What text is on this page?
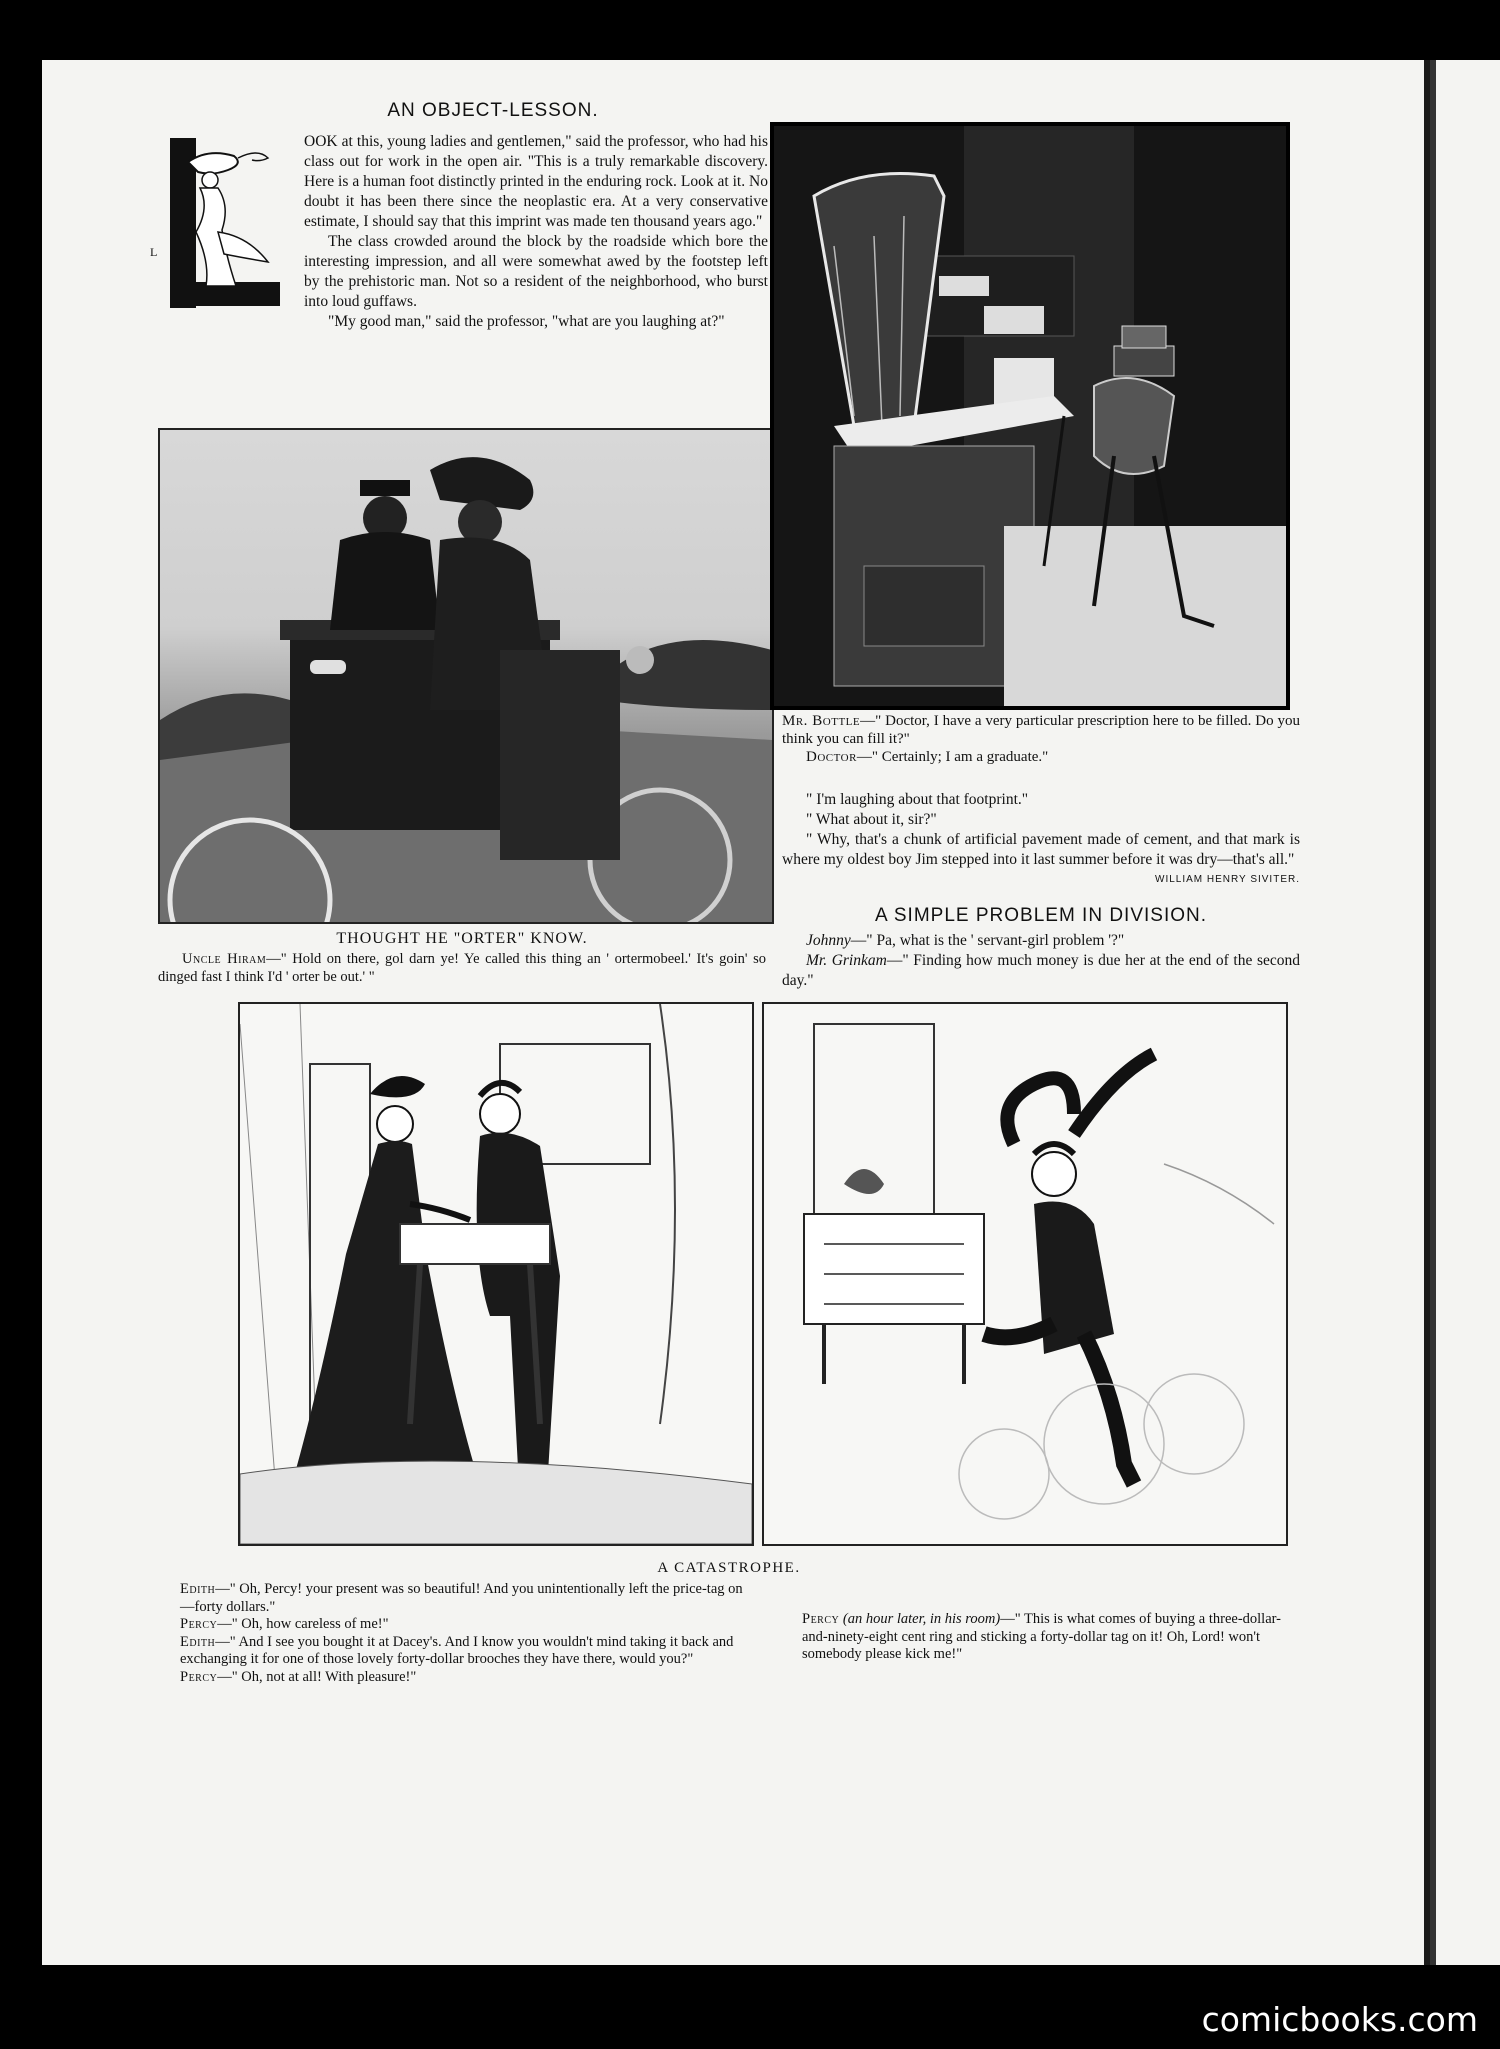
AN OBJECT-LESSON.
L

OOK at this, young ladies and gentlemen," said the professor, who had his class out for work in the open air. "This is a truly remarkable discovery. Here is a human foot distinctly printed in the enduring rock. Look at it. No doubt it has been there since the neoplastic era. At a very conservative estimate, I should say that this imprint was made ten thousand years ago."

The class crowded around the block by the roadside which bore the interesting impression, and all were somewhat awed by the footstep left by the prehistoric man. Not so a resident of the neighborhood, who burst into loud guffaws.

"My good man," said the professor, "what are you laughing at?"

Mr. Bottle—" Doctor, I have a very particular prescription here to be filled. Do you think you can fill it?"

Doctor—" Certainly; I am a graduate."

" I'm laughing about that footprint."

" What about it, sir?"

" Why, that's a chunk of artificial pavement made of cement, and that mark is where my oldest boy Jim stepped into it last summer before it was dry—that's all."

WILLIAM HENRY SIVITER.
A SIMPLE PROBLEM IN DIVISION.

Johnny—" Pa, what is the ' servant-girl problem '?"

Mr. Grinkam—" Finding how much money is due her at the end of the second day."

THOUGHT HE "ORTER" KNOW.

Uncle Hiram—" Hold on there, gol darn ye! Ye called this thing an ' ortermobeel.' It's goin' so dinged fast I think I'd ' orter be out.' "

A CATASTROPHE.

Edith—" Oh, Percy! your present was so beautiful! And you unintentionally left the price-tag on—forty dollars."

Percy—" Oh, how careless of me!"

Edith—" And I see you bought it at Dacey's. And I know you wouldn't mind taking it back and exchanging it for one of those lovely forty-dollar brooches they have there, would you?"

Percy—" Oh, not at all! With pleasure!"

Percy (an hour later, in his room)—" This is what comes of buying a three-dollar-and-ninety-eight cent ring and sticking a forty-dollar tag on it! Oh, Lord! won't somebody please kick me!"

comicbooks.com
